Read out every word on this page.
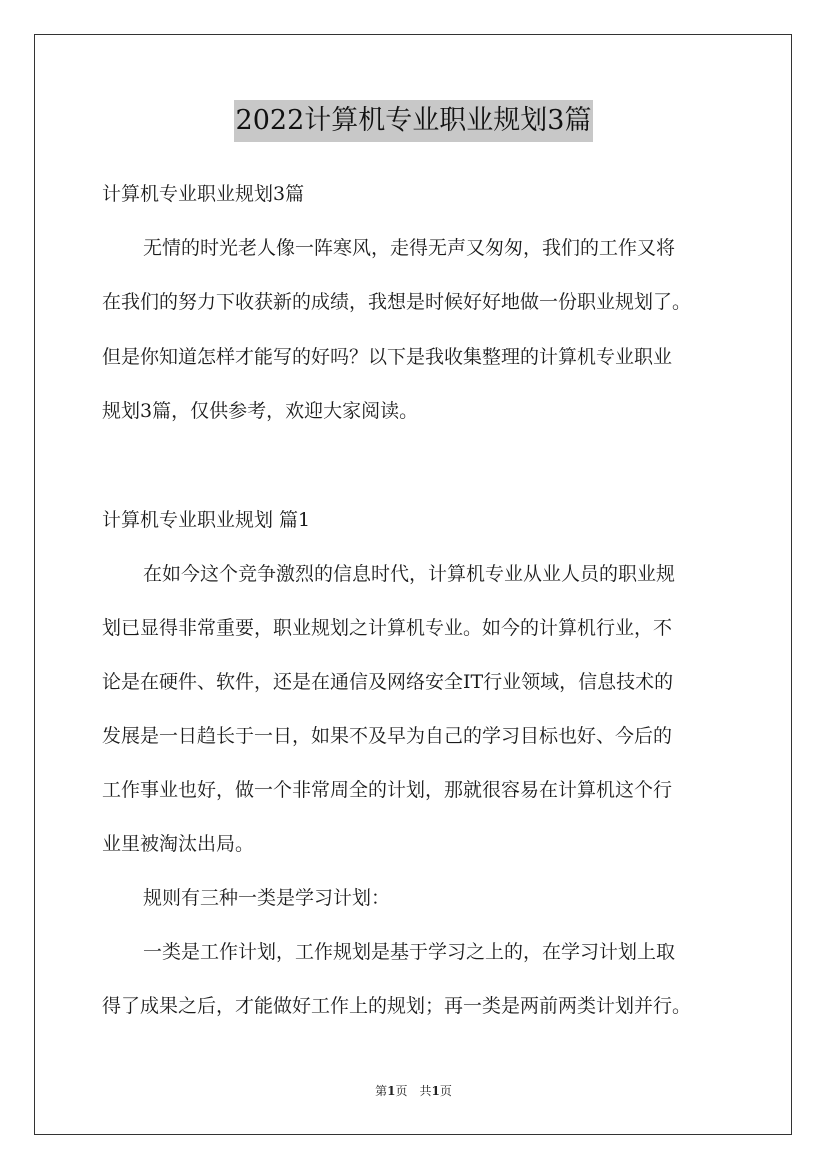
2022计算机专业职业规划3篇
计算机专业职业规划3篇
无情的时光老人像一阵寒风，走得无声又匆匆，我们的工作又将
在我们的努力下收获新的成绩，我想是时候好好地做一份职业规划了。
但是你知道怎样才能写的好吗？以下是我收集整理的计算机专业职业
规划3篇，仅供参考，欢迎大家阅读。
计算机专业职业规划 篇1
在如今这个竞争激烈的信息时代，计算机专业从业人员的职业规
划已显得非常重要，职业规划之计算机专业。如今的计算机行业，不
论是在硬件、软件，还是在通信及网络安全IT行业领域，信息技术的
发展是一日趋长于一日，如果不及早为自己的学习目标也好、今后的
工作事业也好，做一个非常周全的计划，那就很容易在计算机这个行
业里被淘汰出局。
规则有三种一类是学习计划：
一类是工作计划，工作规划是基于学习之上的，在学习计划上取
得了成果之后，才能做好工作上的规划；再一类是两前两类计划并行。
第1页　共1页
